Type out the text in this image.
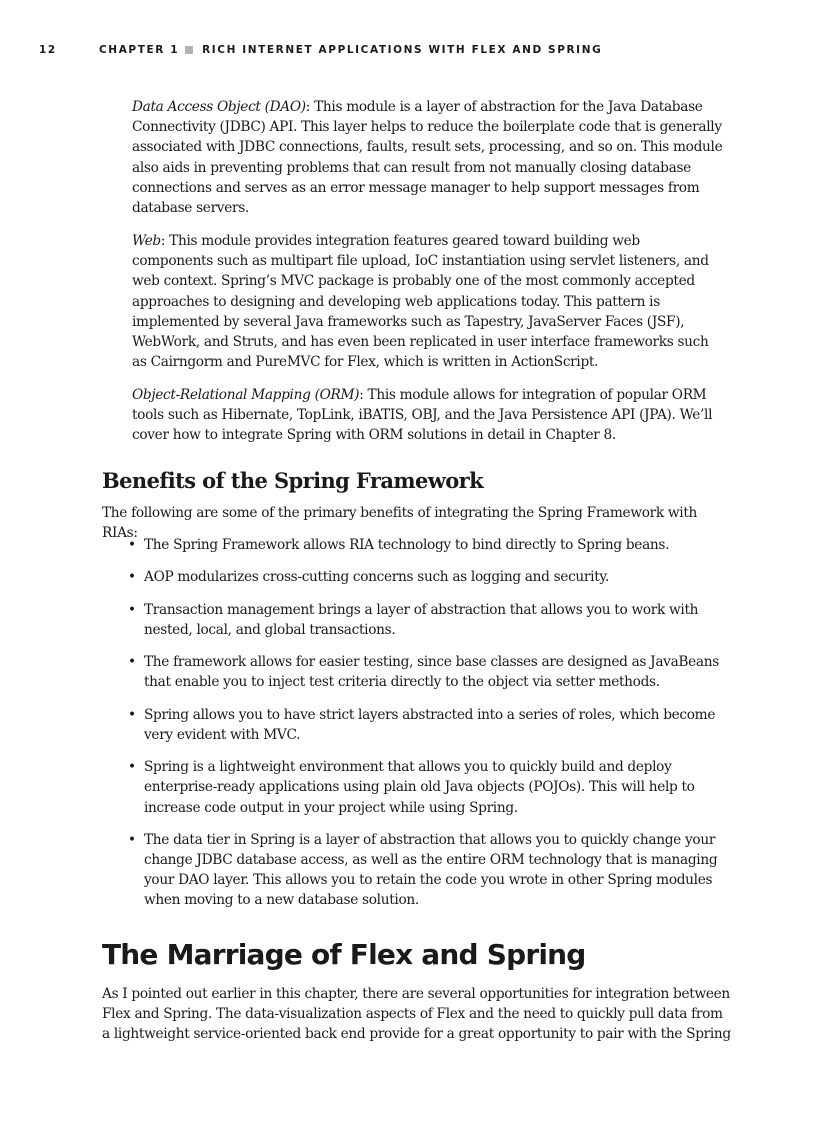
12	CHAPTER 1 RICH INTERNET APPLICATIONS WITH FLEX AND SPRING

Data Access Object (DAO): This module is a layer of abstraction for the Java Database Connectivity (JDBC) API. This layer helps to reduce the boilerplate code that is generally associated with JDBC connections, faults, result sets, processing, and so on. This module also aids in preventing problems that can result from not manually closing database connections and serves as an error message manager to help support messages from database servers.

Web: This module provides integration features geared toward building web components such as multipart file upload, IoC instantiation using servlet listeners, and web context. Spring’s MVC package is probably one of the most commonly accepted approaches to designing and developing web applications today. This pattern is implemented by several Java frameworks such as Tapestry, JavaServer Faces (JSF), WebWork, and Struts, and has even been replicated in user interface frameworks such as Cairngorm and PureMVC for Flex, which is written in ActionScript.

Object-Relational Mapping (ORM): This module allows for integration of popular ORM tools such as Hibernate, TopLink, iBATIS, OBJ, and the Java Persistence API (JPA). We’ll cover how to integrate Spring with ORM solutions in detail in Chapter 8.

Benefits of the Spring Framework

The following are some of the primary benefits of integrating the Spring Framework with RIAs:

• The Spring Framework allows RIA technology to bind directly to Spring beans.
• AOP modularizes cross-cutting concerns such as logging and security.
• Transaction management brings a layer of abstraction that allows you to work with nested, local, and global transactions.
• The framework allows for easier testing, since base classes are designed as JavaBeans that enable you to inject test criteria directly to the object via setter methods.
• Spring allows you to have strict layers abstracted into a series of roles, which become very evident with MVC.
• Spring is a lightweight environment that allows you to quickly build and deploy enterprise-ready applications using plain old Java objects (POJOs). This will help to increase code output in your project while using Spring.
• The data tier in Spring is a layer of abstraction that allows you to quickly change your change JDBC database access, as well as the entire ORM technology that is managing your DAO layer. This allows you to retain the code you wrote in other Spring modules when moving to a new database solution.
The Marriage of Flex and Spring

As I pointed out earlier in this chapter, there are several opportunities for integration between Flex and Spring. The data-visualization aspects of Flex and the need to quickly pull data from a lightweight service-oriented back end provide for a great opportunity to pair with the Spring
